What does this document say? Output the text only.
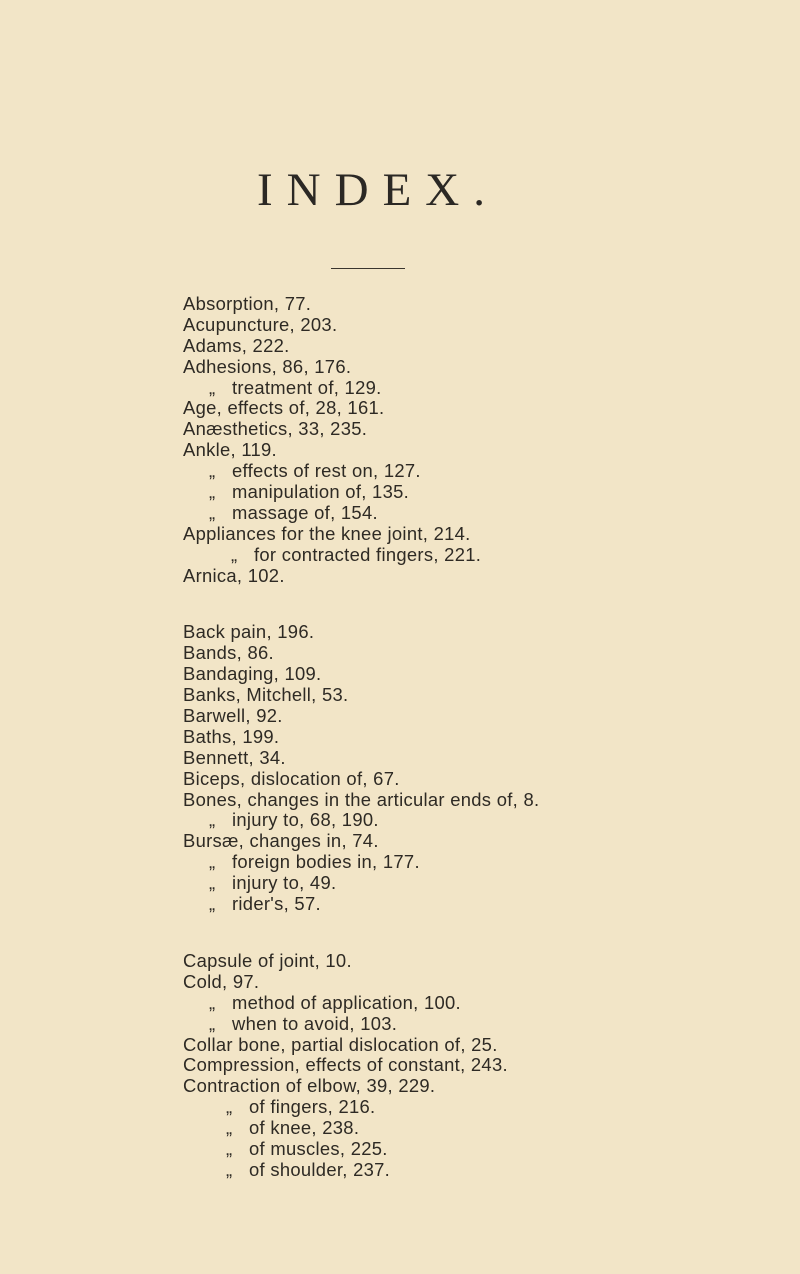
INDEX.
Absorption, 77.
Acupuncture, 203.
Adams, 222.
Adhesions, 86, 176.
„ treatment of, 129.
Age, effects of, 28, 161.
Anæsthetics, 33, 235.
Ankle, 119.
„ effects of rest on, 127.
„ manipulation of, 135.
„ massage of, 154.
Appliances for the knee joint, 214.
„ for contracted fingers, 221.
Arnica, 102.
Back pain, 196.
Bands, 86.
Bandaging, 109.
Banks, Mitchell, 53.
Barwell, 92.
Baths, 199.
Bennett, 34.
Biceps, dislocation of, 67.
Bones, changes in the articular ends of, 8.
„ injury to, 68, 190.
Bursæ, changes in, 74.
„ foreign bodies in, 177.
„ injury to, 49.
„ rider's, 57.
Capsule of joint, 10.
Cold, 97.
„ method of application, 100.
„ when to avoid, 103.
Collar bone, partial dislocation of, 25.
Compression, effects of constant, 243.
Contraction of elbow, 39, 229.
„ of fingers, 216.
„ of knee, 238.
„ of muscles, 225.
„ of shoulder, 237.
